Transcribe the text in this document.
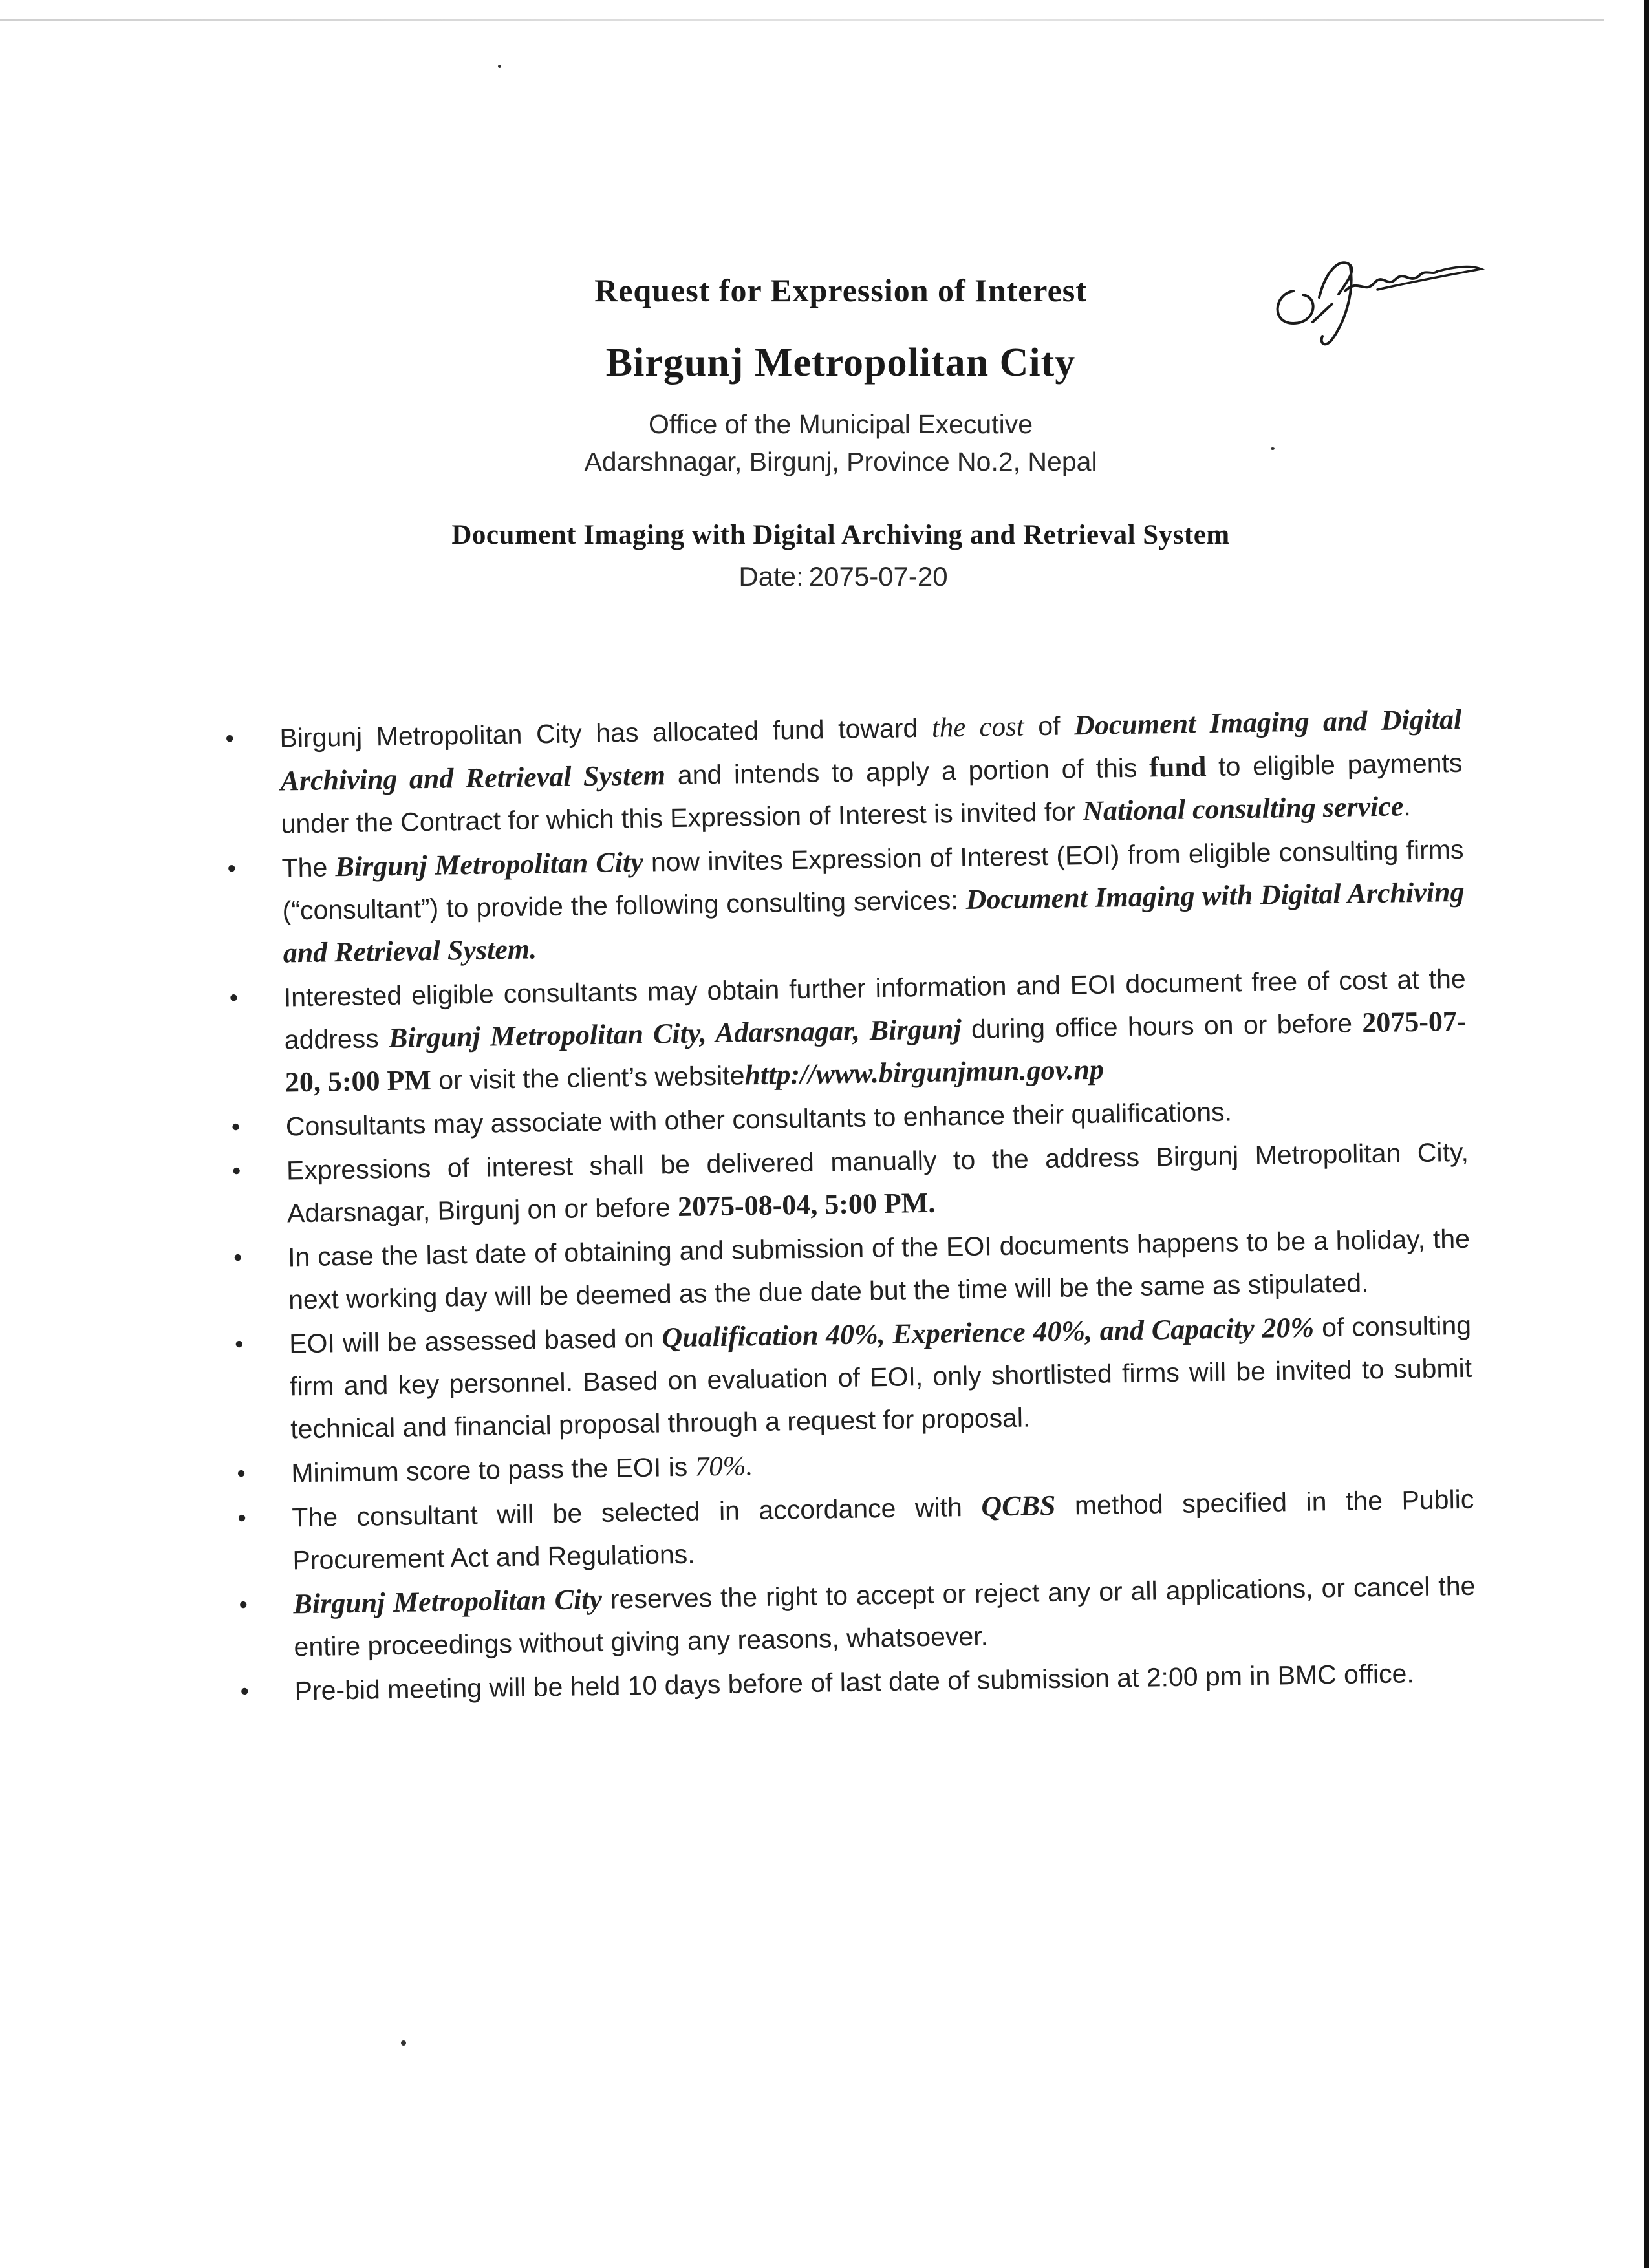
Request for Expression of Interest
Birgunj Metropolitan City
Office of the Municipal Executive
Adarshnagar, Birgunj, Province No.2, Nepal
Document Imaging with Digital Archiving and Retrieval System
Date: 2075-07-20
• Birgunj Metropolitan City has allocated fund toward the cost of Document Imaging and Digital Archiving and Retrieval System and intends to apply a portion of this fund to eligible payments under the Contract for which this Expression of Interest is invited for National consulting service.
• The Birgunj Metropolitan City now invites Expression of Interest (EOI) from eligible consulting firms (“consultant”) to provide the following consulting services: Document Imaging with Digital Archiving and Retrieval System.
• Interested eligible consultants may obtain further information and EOI document free of cost at the address Birgunj Metropolitan City, Adarsnagar, Birgunj during office hours on or before 2075-07-20, 5:00 PM or visit the client’s websitehttp://www.birgunjmun.gov.np
• Consultants may associate with other consultants to enhance their qualifications.
• Expressions of interest shall be delivered manually to the address Birgunj Metropolitan City, Adarsnagar, Birgunj on or before 2075-08-04, 5:00 PM.
• In case the last date of obtaining and submission of the EOI documents happens to be a holiday, the next working day will be deemed as the due date but the time will be the same as stipulated.
• EOI will be assessed based on Qualification 40%, Experience 40%, and Capacity 20% of consulting firm and key personnel. Based on evaluation of EOI, only shortlisted firms will be invited to submit technical and financial proposal through a request for proposal.
• Minimum score to pass the EOI is 70%.
• The consultant will be selected in accordance with QCBS method specified in the Public Procurement Act and Regulations.
• Birgunj Metropolitan City reserves the right to accept or reject any or all applications, or cancel the entire proceedings without giving any reasons, whatsoever.
• Pre-bid meeting will be held 10 days before of last date of submission at 2:00 pm in BMC office.
